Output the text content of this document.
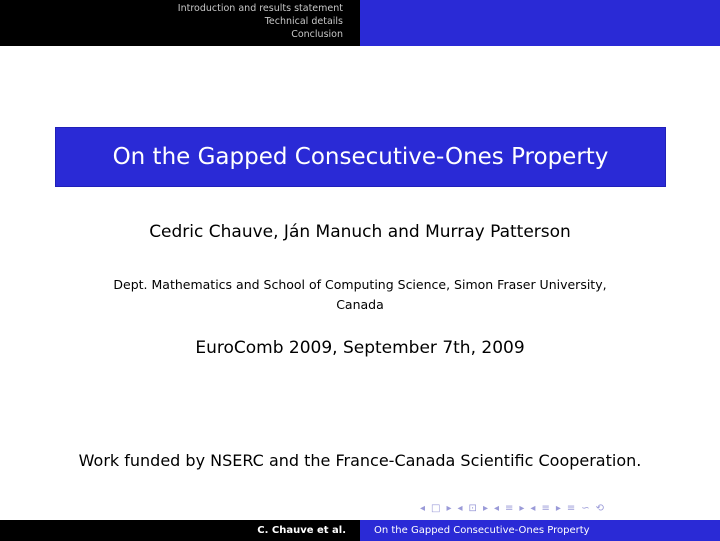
Introduction and results statement
Technical details
Conclusion
On the Gapped Consecutive-Ones Property
Cedric Chauve, Ján Manuch and Murray Patterson
Dept. Mathematics and School of Computing Science, Simon Fraser University,
Canada
EuroComb 2009, September 7th, 2009
Work funded by NSERC and the France-Canada Scientific Cooperation.
◂ □ ▸ ◂ ⊡ ▸ ◂ ≡ ▸ ◂ ≡ ▸ ≡ ∽ ⟲
C. Chauve et al.	On the Gapped Consecutive-Ones Property
